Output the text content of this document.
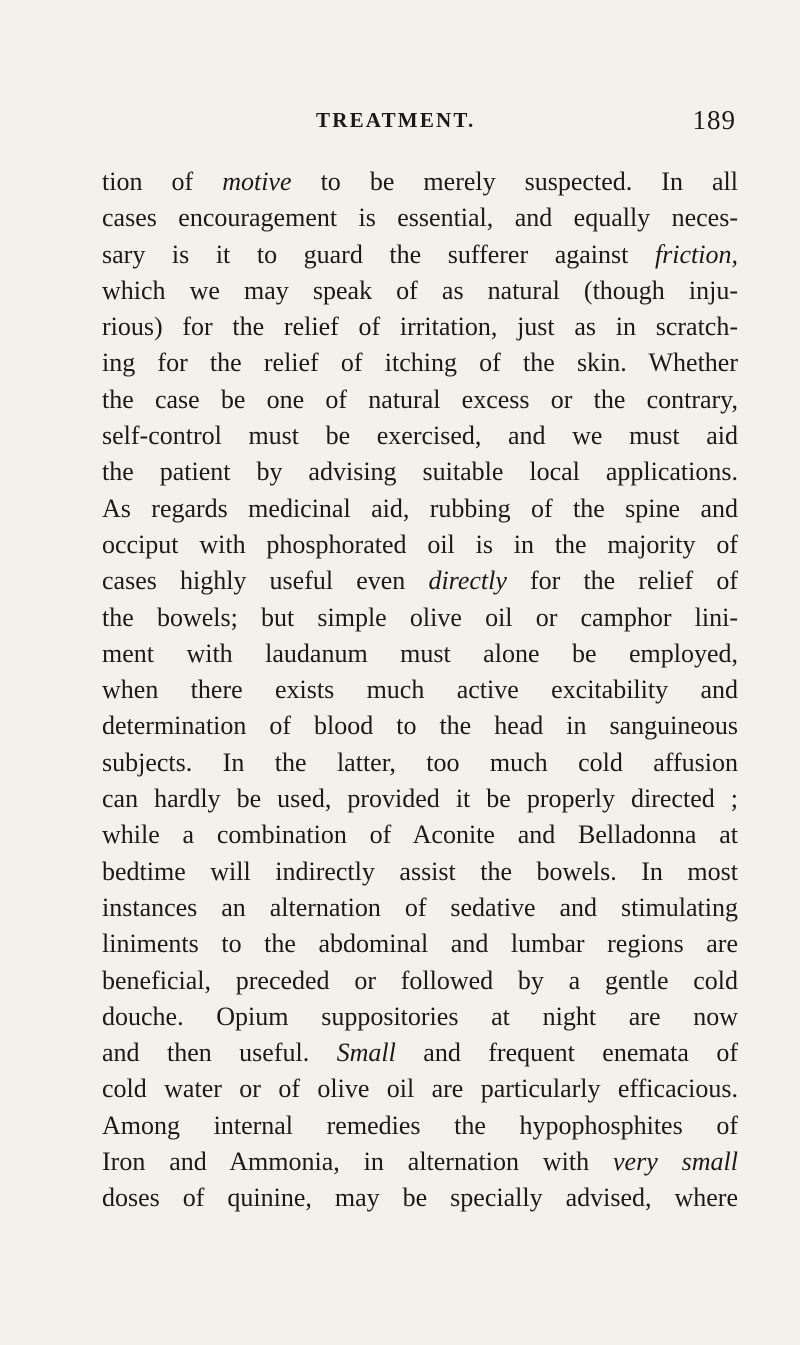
TREATMENT.	189
tion of motive to be merely suspected. In all
cases encouragement is essential, and equally neces-
sary is it to guard the sufferer against friction,
which we may speak of as natural (though inju-
rious) for the relief of irritation, just as in scratch-
ing for the relief of itching of the skin. Whether
the case be one of natural excess or the contrary,
self-control must be exercised, and we must aid
the patient by advising suitable local applications.
As regards medicinal aid, rubbing of the spine and
occiput with phosphorated oil is in the majority of
cases highly useful even directly for the relief of
the bowels; but simple olive oil or camphor lini-
ment with laudanum must alone be employed,
when there exists much active excitability and
determination of blood to the head in sanguineous
subjects. In the latter, too much cold affusion
can hardly be used, provided it be properly directed ;
while a combination of Aconite and Belladonna at
bedtime will indirectly assist the bowels. In most
instances an alternation of sedative and stimulating
liniments to the abdominal and lumbar regions are
beneficial, preceded or followed by a gentle cold
douche. Opium suppositories at night are now
and then useful. Small and frequent enemata of
cold water or of olive oil are particularly efficacious.
Among internal remedies the hypophosphites of
Iron and Ammonia, in alternation with very small
doses of quinine, may be specially advised, where
